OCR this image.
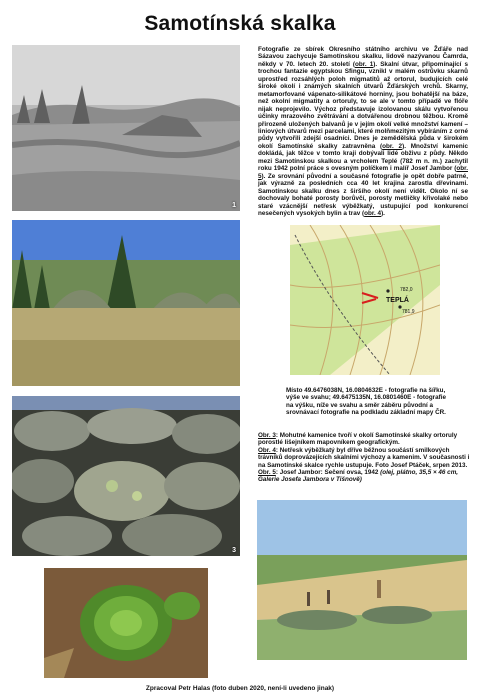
Samotínská skalka
1
3

Fotografie ze sbírek Okresního státního archivu ve Žďáře nad Sázavou zachycuje Samotínskou skalku, lidově nazývanou Čamrda, někdy v 70. letech 20. století (obr. 1). Skalní útvar, připomínající s trochou fantazie egyptskou Sfingu, vznikl v malém ostrůvku skarnů uprostřed rozsáhlých poloh migmatitů až ortorul, budujících celé široké okolí i známých skalních útvarů Žďárských vrchů. Skarny, metamorfované vápenato-silikátové horniny, jsou bohatější na báze, než okolní migmatity a ortoruly, to se ale v tomto případě ve flóře nijak neprojevilo. Výchoz představuje izolovanou skálu vytvořenou účinky mrazového zvětrávání a dotvářenou drobnou těžbou. Kromě přirozeně uložených balvanů je v jejím okolí velké množství kamení – liniových útvarů mezi parcelami, které molňmezitým vybíráním z orné půdy vytvořili zdejší osadníci. Dnes je zemědělská půda v širokém okolí Samotínské skalky zatravněna (obr. 2). Množství kamenic dokládá, jak těžce v tomto kraji dobývali lidé obživu z půdy. Někdo mezi Samotínskou skalkou a vrcholem Teplé (782 m n. m.) zachytil roku 1942 polní práce s ovesným políčkem i malíř Josef Jambor (obr. 5). Ze srovnání původní a současné fotografie je opět dobře patrné, jak výrazně za posledních cca 40 let krajina zarostla dřevinami. Samotínskou skalku dnes z širšího okolí není vidět. Okolo ní se dochovaly bohaté porosty borůvčí, porosty metličky křivolaké nebo staré vzácnější netřesk výběžkatý, ustupující pod konkurencí nesečených vysokých bylin a trav (obr. 4).

TEPLÁ
782,0
781,9
Místo 49.6476038N, 16.0804632E - fotografie na šířku, výše ve svahu; 49.6475135N, 16.0801460E - fotografie na výšku, níže ve svahu a směr záběru původní a srovnávací fotografie na podkladu základní mapy ČR.
Obr. 3: Mohutné kamenice tvoří v okolí Samotínské skalky ortoruly porostlé lišejníkem mapovníkem geografickým.
Obr. 4: Netřesk výběžkatý byl dříve běžnou součástí smilkových trávníků doprovázejících skalními výchozy a kamenim. V současnosti i na Samotínské skalce rychle ustupuje. Foto Josef Ptáček, srpen 2013.
Obr. 5: Josef Jambor: Sečení ovsa, 1942 (olej, plátno, 35,5 × 46 cm, Galerie Josefa Jambora v Tišnově)
Zpracoval Petr Halas (foto duben 2020, není-li uvedeno jinak)
